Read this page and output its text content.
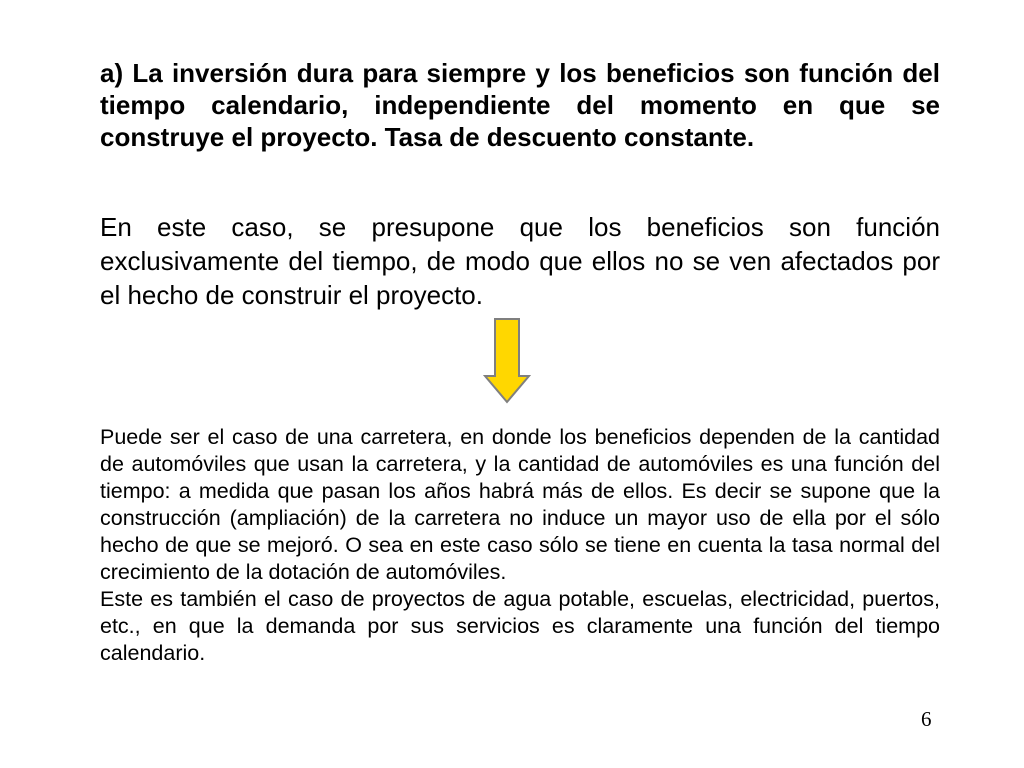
a) La inversión dura para siempre y los beneficios son función del tiempo calendario, independiente del momento en que se construye el proyecto. Tasa de descuento constante.

En este caso, se presupone que los beneficios son función exclusivamente del tiempo, de modo que ellos no se ven afectados por el hecho de construir el proyecto.

Puede ser el caso de una carretera, en donde los beneficios dependen de la cantidad de automóviles que usan la carretera, y la cantidad de automóviles es una función del tiempo: a medida que pasan los años habrá más de ellos. Es decir se supone que la construcción (ampliación) de la carretera no induce un mayor uso de ella por el sólo hecho de que se mejoró. O sea en este caso sólo se tiene en cuenta la tasa normal del crecimiento de la dotación de automóviles.

Este es también el caso de proyectos de agua potable, escuelas, electricidad, puertos, etc., en que la demanda por sus servicios es claramente una función del tiempo calendario.

6
